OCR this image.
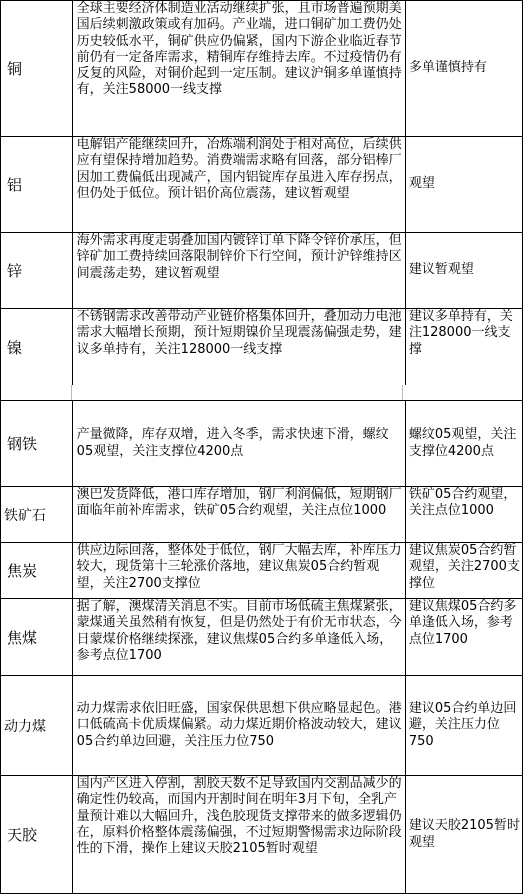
铜	全球主要经济体制造业活动继续扩张，且市场普遍预期美国后续刺激政策或有加码。产业端，进口铜矿加工费仍处历史较低水平，铜矿供应仍偏紧，国内下游企业临近春节前仍有一定备库需求，精铜库存维持去库。不过疫情仍有反复的风险，对铜价起到一定压制。建议沪铜多单谨慎持有，关注58000一线支撑	多单谨慎持有
铝	电解铝产能继续回升，冶炼端利润处于相对高位，后续供应有望保持增加趋势。消费端需求略有回落，部分铝棒厂因加工费偏低出现减产，国内铝锭库存虽进入库存拐点，但仍处于低位。预计铝价高位震荡，建议暂观望	观望
锌	海外需求再度走弱叠加国内镀锌订单下降令锌价承压，但锌矿加工费持续回落限制锌价下行空间，预计沪锌维持区间震荡走势，建议暂观望	建议暂观望
镍	不锈钢需求改善带动产业链价格集体回升，叠加动力电池需求大幅增长预期，预计短期镍价呈现震荡偏强走势，建议多单持有，关注128000一线支撑	建议多单持有，关注128000一线支撑
钢铁	产量微降，库存双增，进入冬季，需求快速下滑，螺纹05观望，关注支撑位4200点	螺纹05观望，关注支撑位4200点
铁矿石	澳巴发货降低，港口库存增加，钢厂利润偏低，短期钢厂面临年前补库需求，铁矿05合约观望，关注点位1000	铁矿05合约观望，关注点位1000
焦炭	供应边际回落，整体处于低位，钢厂大幅去库，补库压力较大，现货第十三轮涨价落地，建议焦炭05合约暂观望，关注2700支撑位	建议焦炭05合约暂观望，关注2700支撑位
焦煤	据了解，澳煤清关消息不实。目前市场低硫主焦煤紧张，蒙煤通关虽然稍有恢复，但是仍然处于有价无市状态，今日蒙煤价格继续探涨，建议焦煤05合约多单逢低入场，参考点位1700	建议焦煤05合约多单逢低入场，参考点位1700
动力煤	动力煤需求依旧旺盛，国家保供思想下供应略显起色。港口低硫高卡优质煤偏紧。动力煤近期价格波动较大，建议05合约单边回避，关注压力位750	建议05合约单边回避，关注压力位750
天胶	国内产区进入停割，割胶天数不足导致国内交割品减少的确定性仍较高，而国内开割时间在明年3月下旬，全乳产量预计难以大幅回升，浅色胶现货支撑带来的做多逻辑仍在，原料价格整体震荡偏强，不过短期警惕需求边际阶段性的下滑，操作上建议天胶2105暂时观望	建议天胶2105暂时观望
